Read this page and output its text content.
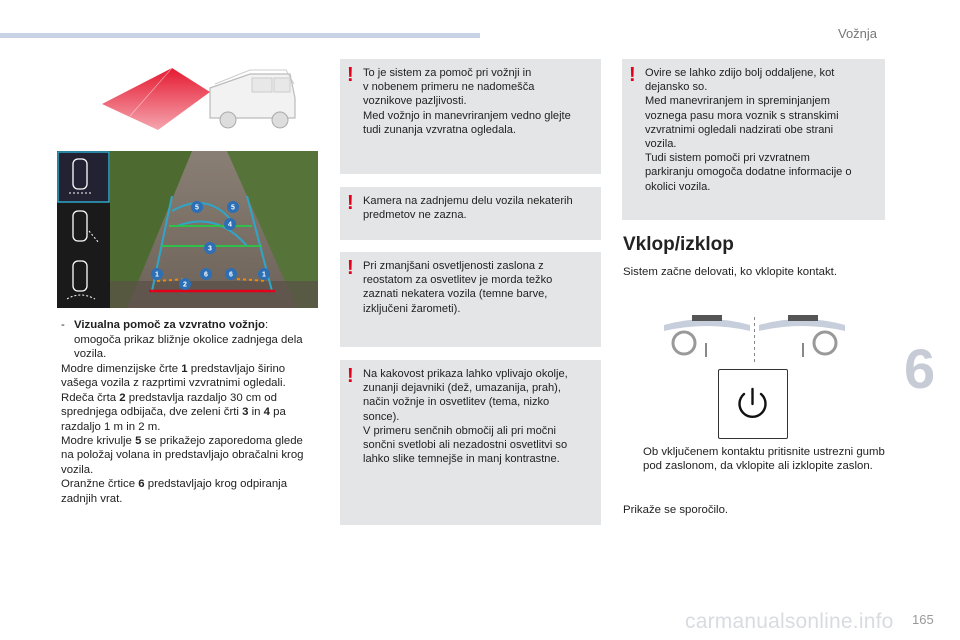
Vožnja
6
165
carmanualsonline.info
5	5
4
3
1	1
6	6
2
- Vizualna pomoč za vzvratno vožnjo: omogoča prikaz bližnje okolice zadnjega dela vozila.
Modre dimenzijske črte 1 predstavljajo širino vašega vozila z razprtimi vzvratnimi ogledali.
Rdeča črta 2 predstavlja razdaljo 30 cm od sprednjega odbijača, dve zeleni črti 3 in 4 pa razdaljo 1 m in 2 m.
Modre krivulje 5 se prikažejo zaporedoma glede na položaj volana in predstavljajo obračalni krog vozila.
Oranžne črtice 6 predstavljajo krog odpiranja zadnjih vrat.
! To je sistem za pomoč pri vožnji in
v nobenem primeru ne nadomešča
voznikove pazljivosti.
Med vožnjo in manevriranjem vedno glejte
tudi zunanja vzvratna ogledala.
! Kamera na zadnjemu delu vozila nekaterih
predmetov ne zazna.
! Pri zmanjšani osvetljenosti zaslona z
reostatom za osvetlitev je morda težko
zaznati nekatera vozila (temne barve,
izključeni žarometi).
! Na kakovost prikaza lahko vplivajo okolje,
zunanji dejavniki (dež, umazanija, prah),
način vožnje in osvetlitev (tema, nizko
sonce).
V primeru senčnih območij ali pri močni
sončni svetlobi ali nezadostni osvetlitvi so
lahko slike temnejše in manj kontrastne.
! Ovire se lahko zdijo bolj oddaljene, kot
dejansko so.
Med manevriranjem in spreminjanjem
voznega pasu mora voznik s stranskimi
vzvratnimi ogledali nadzirati obe strani
vozila.
Tudi sistem pomoči pri vzvratnem
parkiranju omogoča dodatne informacije o
okolici vozila.
Vklop/izklop
Sistem začne delovati, ko vklopite kontakt.
Ob vključenem kontaktu pritisnite ustrezni gumb pod zaslonom, da vklopite ali izklopite zaslon.
Prikaže se sporočilo.
